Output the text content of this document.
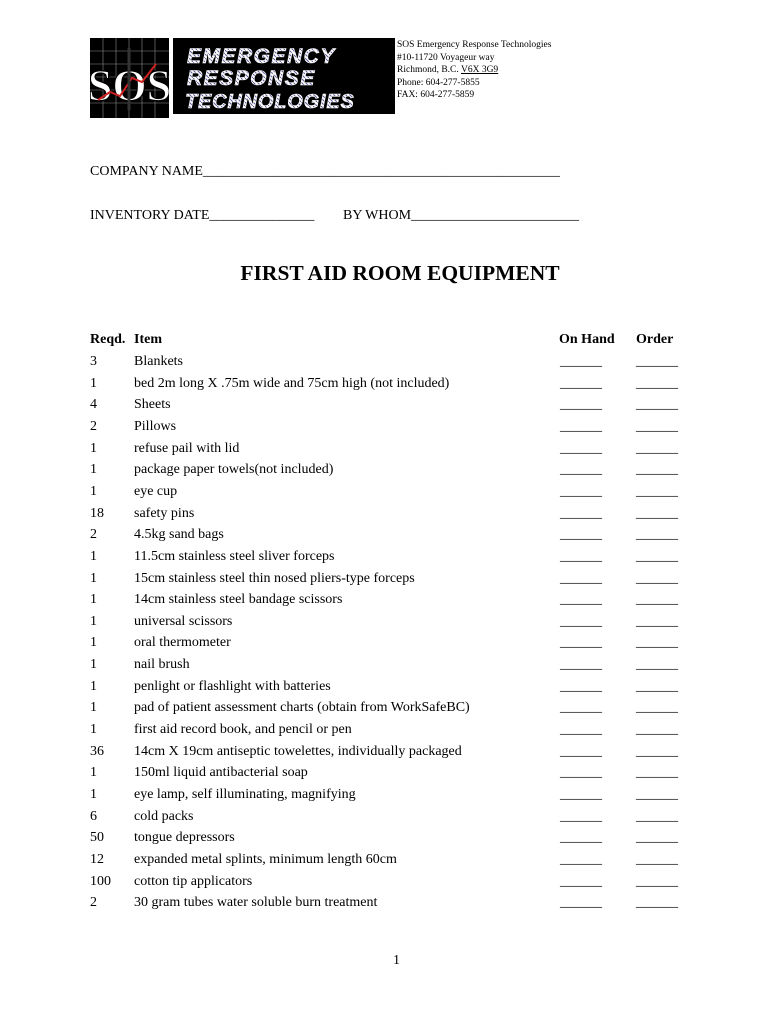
SOS
EMERGENCY
RESPONSE
TECHNOLOGIES
SOS Emergency Response Technologies
#10-11720 Voyageur way
Richmond, B.C. V6X 3G9
Phone: 604-277-5855
FAX: 604-277-5859
COMPANY NAME___________________________________________________
INVENTORY DATE_______________ BY WHOM________________________
FIRST AID ROOM EQUIPMENT
Reqd. Item	On Hand Order
3	Blankets	______ ______
1	bed 2m long X .75m wide and 75cm high (not included)	______ ______
4	Sheets	______ ______
2	Pillows	______ ______
1	refuse pail with lid	______ ______
1	package paper towels(not included)	______ ______
1	eye cup	______ ______
18 safety pins	______ ______
2	4.5kg sand bags	______ ______
1	11.5cm stainless steel sliver forceps	______ ______
1	15cm stainless steel thin nosed pliers-type forceps	______ ______
1	14cm stainless steel bandage scissors	______ ______
1	universal scissors	______ ______
1	oral thermometer	______ ______
1	nail brush	______ ______
1	penlight or flashlight with batteries	______ ______
1	pad of patient assessment charts (obtain from WorkSafeBC)	______ ______
1	first aid record book, and pencil or pen	______ ______
36 14cm X 19cm antiseptic towelettes, individually packaged	______ ______
1	150ml liquid antibacterial soap	______ ______
1	eye lamp, self illuminating, magnifying	______ ______
6	cold packs	______ ______
50 tongue depressors	______ ______
12 expanded metal splints, minimum length 60cm	______ ______
100 cotton tip applicators	______ ______
2	30 gram tubes water soluble burn treatment	______ ______
1
